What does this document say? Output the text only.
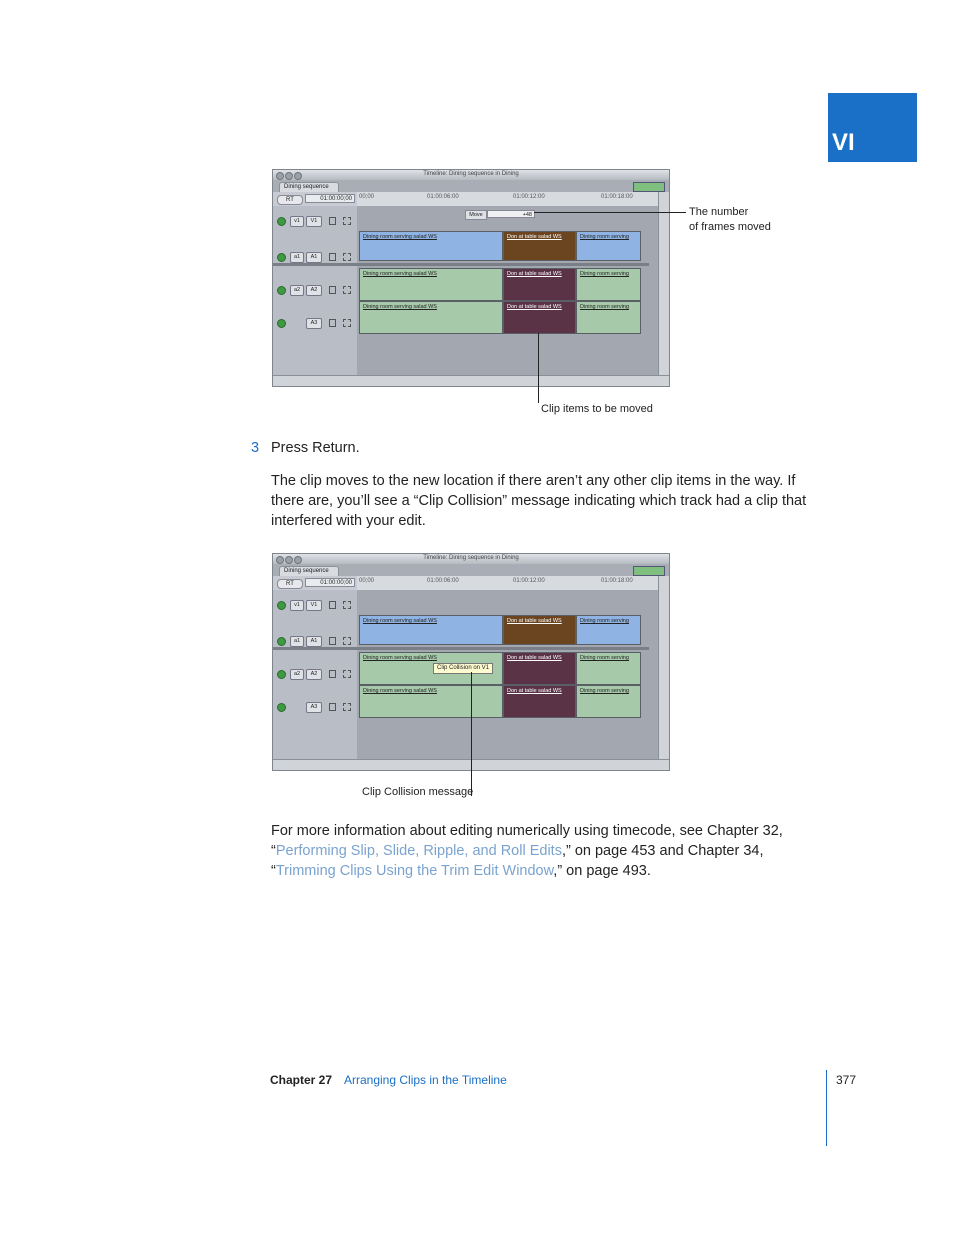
VI
Timeline: Dining sequence in Dining
Dining sequence
RT	01:00:00;00	00;00	01:00:06:00	01:00:12:00	01:00:18:00
v1	V1
a1	A1
a2	A2
A3
Move	+48
Dining room serving salad WS	Don at table salad WS	Dining room serving
Dining room serving salad WS	Don at table salad WS	Dining room serving
Dining room serving salad WS	Don at table salad WS	Dining room serving
The number
of frames moved
Clip items to be moved
3 Press Return.
The clip moves to the new location if there aren’t any other clip items in the way. If there are, you’ll see a “Clip Collision” message indicating which track had a clip that interfered with your edit.
Timeline: Dining sequence in Dining
Dining sequence
RT	01:00:00;00	00;00	01:00:06:00	01:00:12:00	01:00:18:00
v1	V1
a1	A1
a2	A2
A3
Dining room serving salad WS	Don at table salad WS	Dining room serving
Dining room serving salad WS	Don at table salad WS	Dining room serving
Dining room serving salad WS	Don at table salad WS	Dining room serving
Clip Collision on V1
Clip Collision message
For more information about editing numerically using timecode, see Chapter 32, “Performing Slip, Slide, Ripple, and Roll Edits,” on page 453 and Chapter 34, “Trimming Clips Using the Trim Edit Window,” on page 493.
Chapter 27 Arranging Clips in the Timeline	377
